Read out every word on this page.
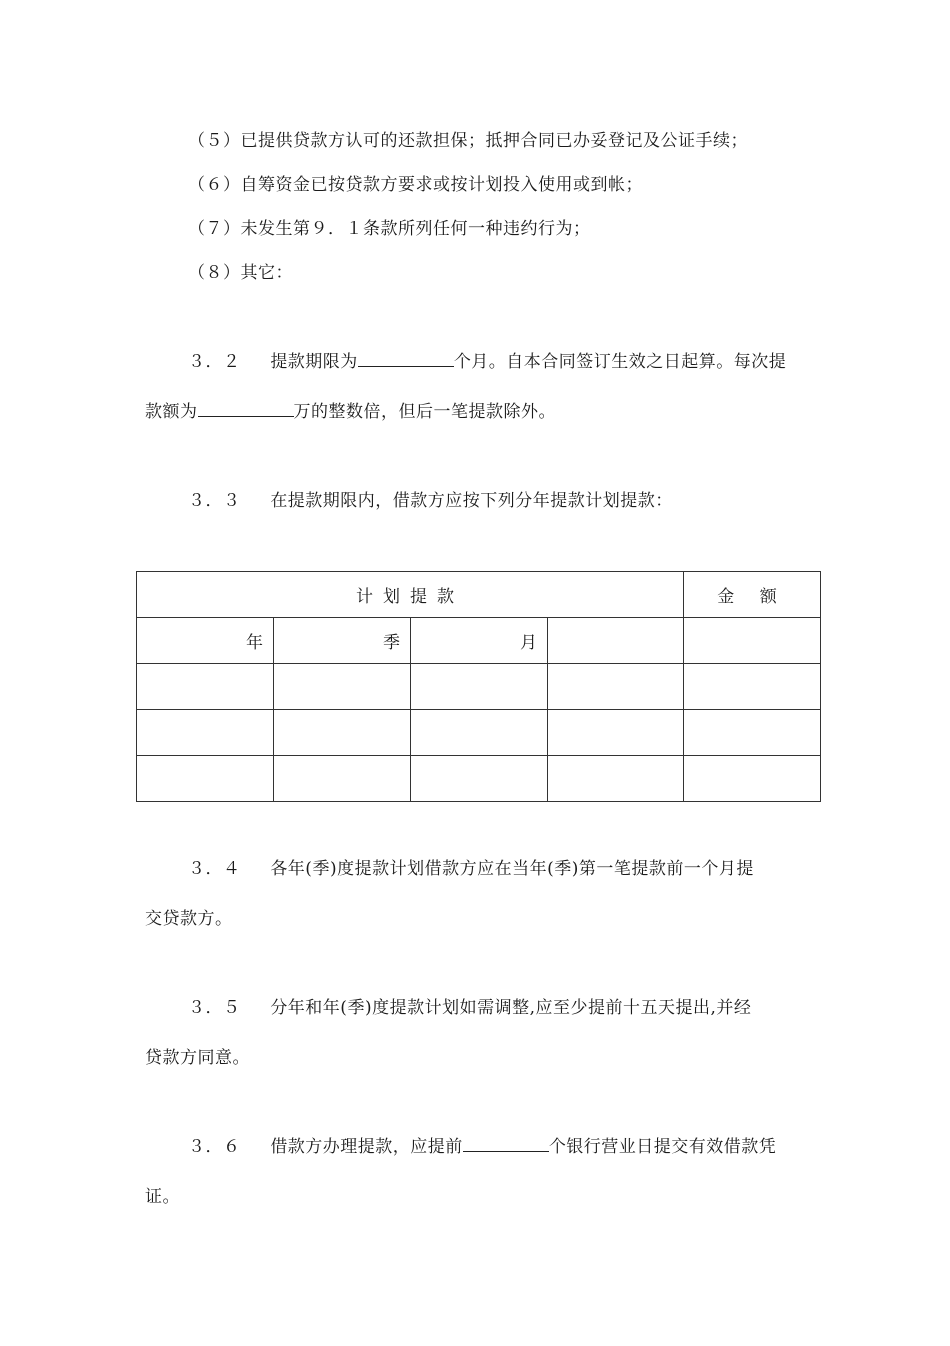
（５）已提供贷款方认可的还款担保；抵押合同已办妥登记及公证手续；
（６）自筹资金已按贷款方要求或按计划投入使用或到帐；
（７）未发生第９．１条款所列任何一种违约行为；
（８）其它：
３．２ 提款期限为	个月。自本合同签订生效之日起算。每次提
款额为	万的整数倍，但后一笔提款除外。
３．３ 在提款期限内，借款方应按下列分年提款计划提款：
计划提款				金 额
年	季	月		

３．４ 各年(季)度提款计划借款方应在当年(季)第一笔提款前一个月提
交贷款方。
３．５ 分年和年(季)度提款计划如需调整,应至少提前十五天提出,并经
贷款方同意。
３．６ 借款方办理提款，应提前	个银行营业日提交有效借款凭
证。
